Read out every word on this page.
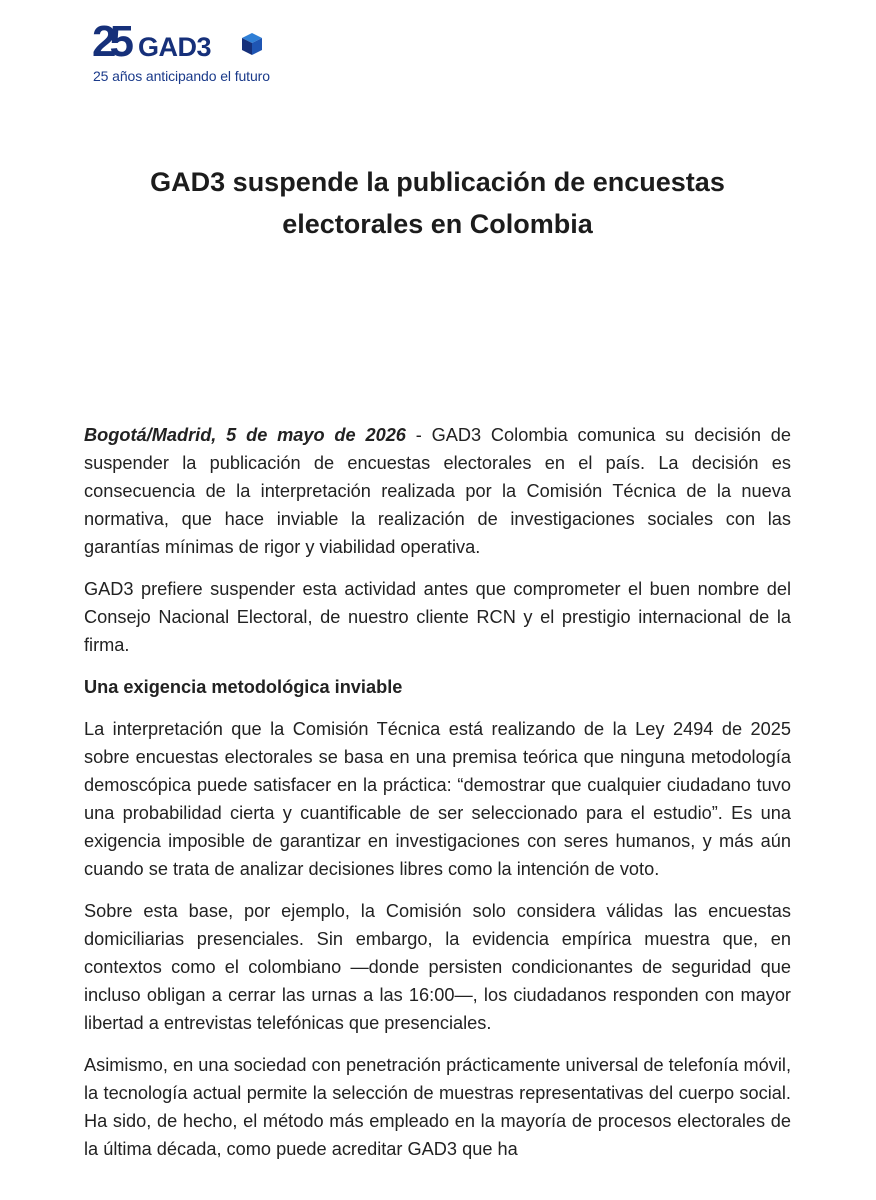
25 GAD3
25 años anticipando el futuro
GAD3 suspende la publicación de encuestas
electorales en Colombia

Bogotá/Madrid, 5 de mayo de 2026 - GAD3 Colombia comunica su decisión de suspender la publicación de encuestas electorales en el país. La decisión es consecuencia de la interpretación realizada por la Comisión Técnica de la nueva normativa, que hace inviable la realización de investigaciones sociales con las garantías mínimas de rigor y viabilidad operativa.

GAD3 prefiere suspender esta actividad antes que comprometer el buen nombre del Consejo Nacional Electoral, de nuestro cliente RCN y el prestigio internacional de la firma.

Una exigencia metodológica inviable

La interpretación que la Comisión Técnica está realizando de la Ley 2494 de 2025 sobre encuestas electorales se basa en una premisa teórica que ninguna metodología demoscópica puede satisfacer en la práctica: “demostrar que cualquier ciudadano tuvo una probabilidad cierta y cuantificable de ser seleccionado para el estudio”. Es una exigencia imposible de garantizar en investigaciones con seres humanos, y más aún cuando se trata de analizar decisiones libres como la intención de voto.

Sobre esta base, por ejemplo, la Comisión solo considera válidas las encuestas domiciliarias presenciales. Sin embargo, la evidencia empírica muestra que, en contextos como el colombiano —donde persisten condicionantes de seguridad que incluso obligan a cerrar las urnas a las 16:00—, los ciudadanos responden con mayor libertad a entrevistas telefónicas que presenciales.

Asimismo, en una sociedad con penetración prácticamente universal de telefonía móvil, la tecnología actual permite la selección de muestras representativas del cuerpo social. Ha sido, de hecho, el método más empleado en la mayoría de procesos electorales de la última década, como puede acreditar GAD3 que ha
